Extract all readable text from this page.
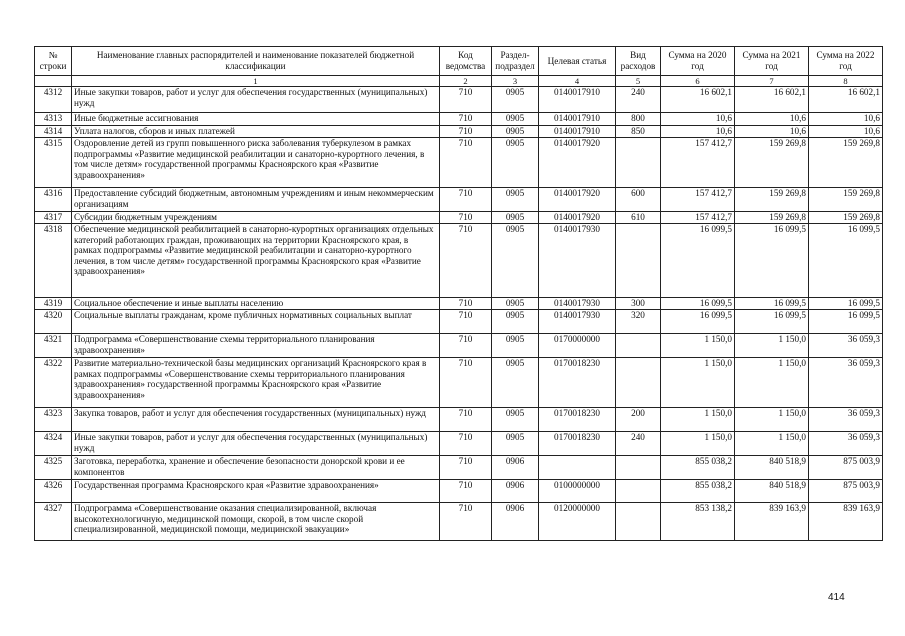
№ строки	Наименование главных распорядителей и наименование показателей бюджетной классификации	Код ведомства	Раздел-подраздел	Целевая статья	Вид расходов	Сумма на 2020 год	Сумма на 2021 год	Сумма на 2022 год
	1	2	3	4	5	6	7	8
4312	Иные закупки товаров, работ и услуг для обеспечения государственных (муниципальных) нужд	710	0905	0140017910	240	16 602,1	16 602,1	16 602,1
4313	Иные бюджетные ассигнования	710	0905	0140017910	800	10,6	10,6	10,6
4314	Уплата налогов, сборов и иных платежей	710	0905	0140017910	850	10,6	10,6	10,6
4315	Оздоровление детей из групп повышенного риска заболевания туберкулезом в рамках подпрограммы «Развитие медицинской реабилитации и санаторно-курортного лечения, в том числе детям» государственной программы Красноярского края «Развитие здравоохранения»	710	0905	0140017920		157 412,7	159 269,8	159 269,8
4316	Предоставление субсидий бюджетным, автономным учреждениям и иным некоммерческим организациям	710	0905	0140017920	600	157 412,7	159 269,8	159 269,8
4317	Субсидии бюджетным учреждениям	710	0905	0140017920	610	157 412,7	159 269,8	159 269,8
4318	Обеспечение медицинской реабилитацией в санаторно-курортных организациях отдельных категорий работающих граждан, проживающих на территории Красноярского края, в рамках подпрограммы «Развитие медицинской реабилитации и санаторно-курортного лечения, в том числе детям» государственной программы Красноярского края «Развитие здравоохранения»	710	0905	0140017930		16 099,5	16 099,5	16 099,5
4319	Социальное обеспечение и иные выплаты населению	710	0905	0140017930	300	16 099,5	16 099,5	16 099,5
4320	Социальные выплаты гражданам, кроме публичных нормативных социальных выплат	710	0905	0140017930	320	16 099,5	16 099,5	16 099,5
4321	Подпрограмма «Совершенствование схемы территориального планирования здравоохранения»	710	0905	0170000000		1 150,0	1 150,0	36 059,3
4322	Развитие материально-технической базы медицинских организаций Красноярского края в рамках подпрограммы «Совершенствование схемы территориального планирования здравоохранения» государственной программы Красноярского края «Развитие здравоохранения»	710	0905	0170018230		1 150,0	1 150,0	36 059,3
4323	Закупка товаров, работ и услуг для обеспечения государственных (муниципальных) нужд	710	0905	0170018230	200	1 150,0	1 150,0	36 059,3
4324	Иные закупки товаров, работ и услуг для обеспечения государственных (муниципальных) нужд	710	0905	0170018230	240	1 150,0	1 150,0	36 059,3
4325	Заготовка, переработка, хранение и обеспечение безопасности донорской крови и ее компонентов	710	0906			855 038,2	840 518,9	875 003,9
4326	Государственная программа Красноярского края «Развитие здравоохранения»	710	0906	0100000000		855 038,2	840 518,9	875 003,9
4327	Подпрограмма «Совершенствование оказания специализированной, включая высокотехнологичную, медицинской помощи, скорой, в том числе скорой специализированной, медицинской помощи, медицинской эвакуации»	710	0906	0120000000		853 138,2	839 163,9	839 163,9
414
